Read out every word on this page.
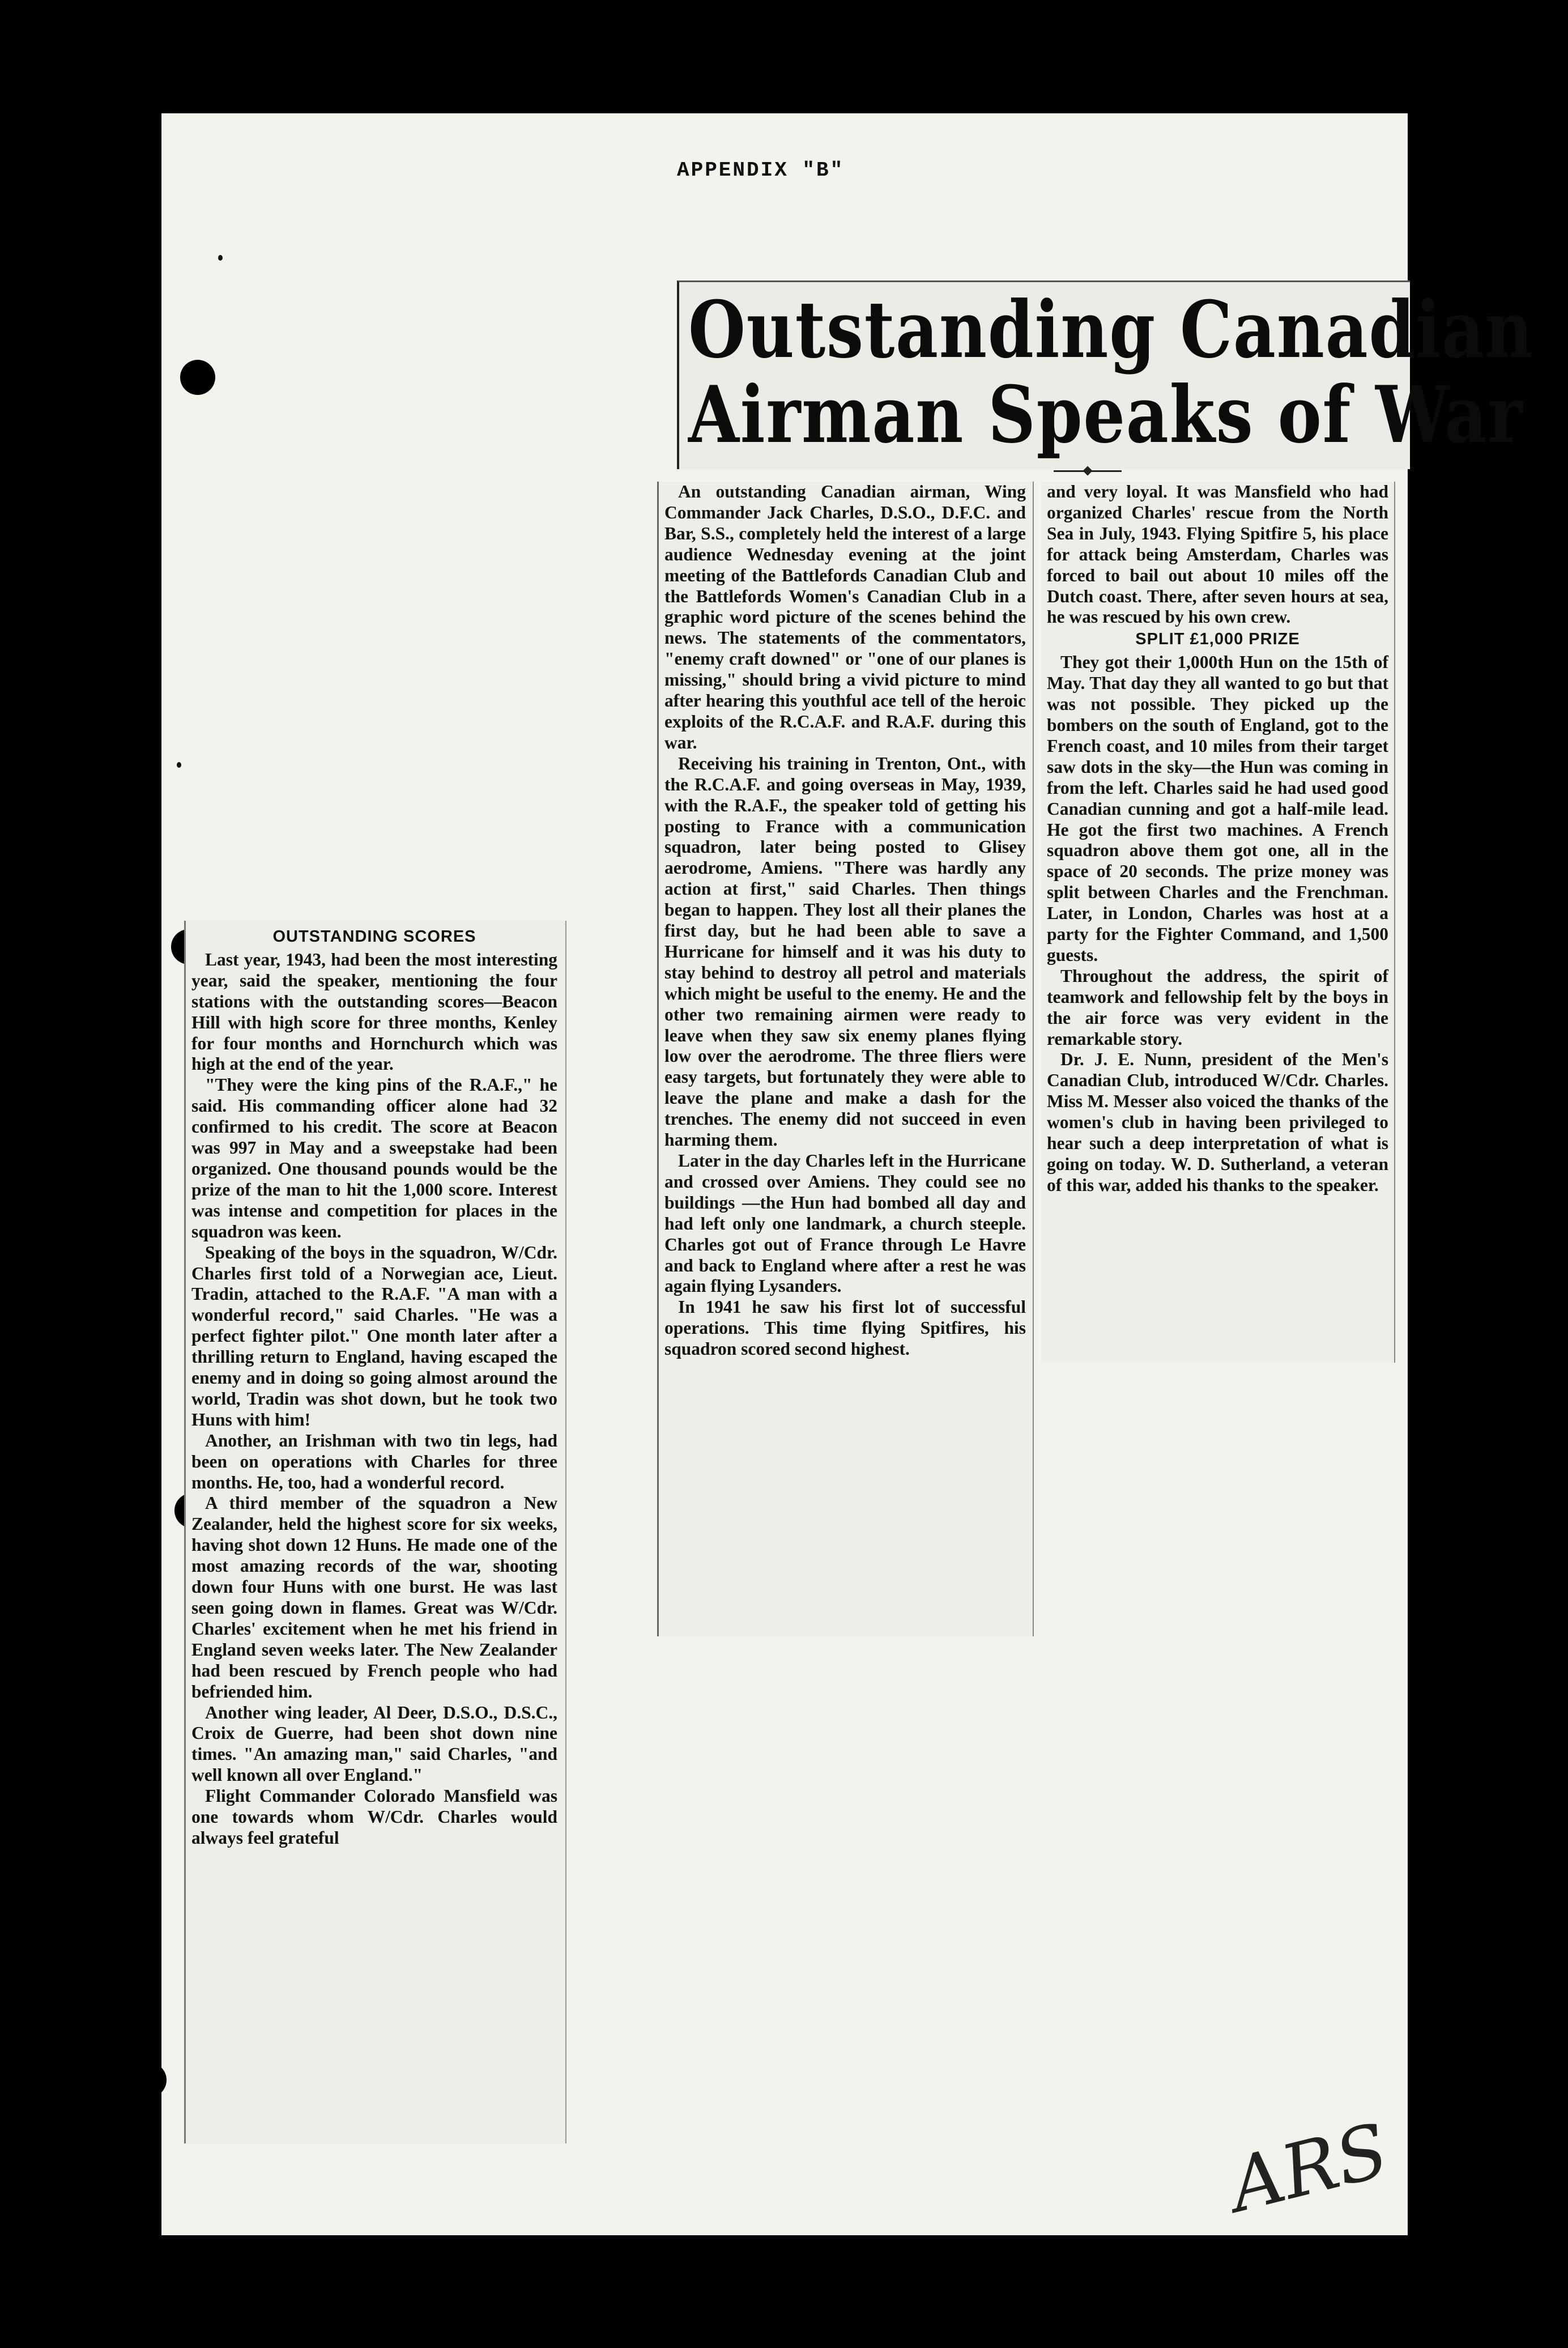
APPENDIX "B"
Outstanding Canadian
Airman Speaks of War
OUTSTANDING SCORES

Last year, 1943, had been the most interesting year, said the speaker, mentioning the four stations with the outstanding scores—Beacon Hill with high score for three months, Kenley for four months and Hornchurch which was high at the end of the year.

"They were the king pins of the R.A.F.," he said. His commanding officer alone had 32 confirmed to his credit. The score at Beacon was 997 in May and a sweepstake had been organized. One thousand pounds would be the prize of the man to hit the 1,000 score. Interest was intense and competition for places in the squadron was keen.

Speaking of the boys in the squadron, W/Cdr. Charles first told of a Norwegian ace, Lieut. Tradin, attached to the R.A.F. "A man with a wonderful record," said Charles. "He was a perfect fighter pilot." One month later after a thrilling return to England, having escaped the enemy and in doing so going almost around the world, Tradin was shot down, but he took two Huns with him!

Another, an Irishman with two tin legs, had been on operations with Charles for three months. He, too, had a wonderful record.

A third member of the squadron a New Zealander, held the highest score for six weeks, having shot down 12 Huns. He made one of the most amazing records of the war, shooting down four Huns with one burst. He was last seen going down in flames. Great was W/Cdr. Charles' excitement when he met his friend in England seven weeks later. The New Zealander had been rescued by French people who had befriended him.

Another wing leader, Al Deer, D.S.O., D.S.C., Croix de Guerre, had been shot down nine times. "An amazing man," said Charles, "and well known all over England."

Flight Commander Colorado Mansfield was one towards whom W/Cdr. Charles would always feel grateful

An outstanding Canadian airman, Wing Commander Jack Charles, D.S.O., D.F.C. and Bar, S.S., completely held the interest of a large audience Wednesday evening at the joint meeting of the Battlefords Canadian Club and the Battlefords Women's Canadian Club in a graphic word picture of the scenes behind the news. The statements of the commentators, "enemy craft downed" or "one of our planes is missing," should bring a vivid picture to mind after hearing this youthful ace tell of the heroic exploits of the R.C.A.F. and R.A.F. during this war.

Receiving his training in Trenton, Ont., with the R.C.A.F. and going overseas in May, 1939, with the R.A.F., the speaker told of getting his posting to France with a communication squadron, later being posted to Glisey aerodrome, Amiens. "There was hardly any action at first," said Charles. Then things began to happen. They lost all their planes the first day, but he had been able to save a Hurricane for himself and it was his duty to stay behind to destroy all petrol and materials which might be useful to the enemy. He and the other two remaining airmen were ready to leave when they saw six enemy planes flying low over the aerodrome. The three fliers were easy targets, but fortunately they were able to leave the plane and make a dash for the trenches. The enemy did not succeed in even harming them.

Later in the day Charles left in the Hurricane and crossed over Amiens. They could see no buildings —the Hun had bombed all day and had left only one landmark, a church steeple. Charles got out of France through Le Havre and back to England where after a rest he was again flying Lysanders.

In 1941 he saw his first lot of successful operations. This time flying Spitfires, his squadron scored second highest.

and very loyal. It was Mansfield who had organized Charles' rescue from the North Sea in July, 1943. Flying Spitfire 5, his place for attack being Amsterdam, Charles was forced to bail out about 10 miles off the Dutch coast. There, after seven hours at sea, he was rescued by his own crew.

SPLIT £1,000 PRIZE

They got their 1,000th Hun on the 15th of May. That day they all wanted to go but that was not possible. They picked up the bombers on the south of England, got to the French coast, and 10 miles from their target saw dots in the sky—the Hun was coming in from the left. Charles said he had used good Canadian cunning and got a half-mile lead. He got the first two machines. A French squadron above them got one, all in the space of 20 seconds. The prize money was split between Charles and the Frenchman. Later, in London, Charles was host at a party for the Fighter Command, and 1,500 guests.

Throughout the address, the spirit of teamwork and fellowship felt by the boys in the air force was very evident in the remarkable story.

Dr. J. E. Nunn, president of the Men's Canadian Club, introduced W/Cdr. Charles. Miss M. Messer also voiced the thanks of the women's club in having been privileged to hear such a deep interpretation of what is going on today. W. D. Sutherland, a veteran of this war, added his thanks to the speaker.

ARS
